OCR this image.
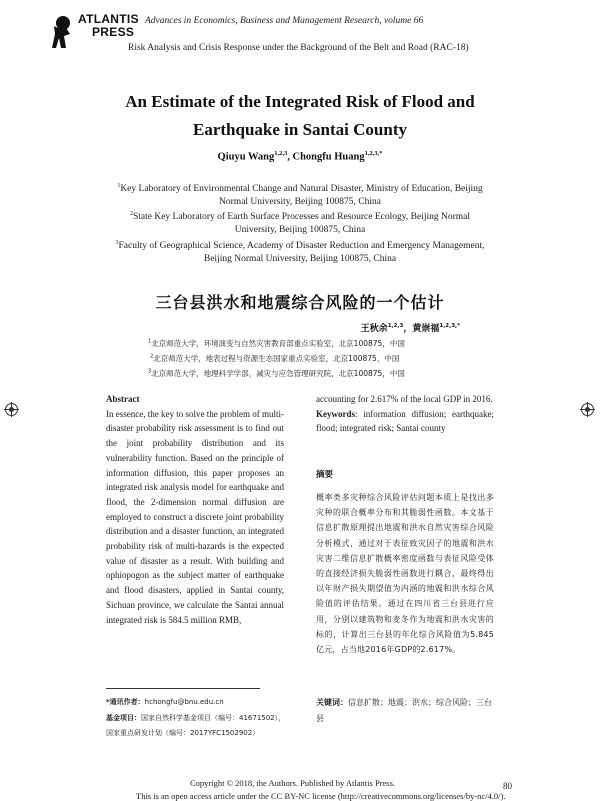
ATLANTIS
PRESS
Advances in Economics, Business and Management Research, volume 66
Risk Analysis and Crisis Response under the Background of the Belt and Road (RAC-18)
An Estimate of the Integrated Risk of Flood and
Earthquake in Santai County
Qiuyu Wang$^{1,2,3}$, Chongfu Huang$^{1,2,3,*}$
$^1$Key Laboratory of Environmental Change and Natural Disaster, Ministry of Education, Beijing
Normal University, Beijing 100875, China
$^2$State Key Laboratory of Earth Surface Processes and Resource Ecology, Beijing Normal
University, Beijing 100875, China
$^3$Faculty of Geographical Science, Academy of Disaster Reduction and Emergency Management,
Beijing Normal University, Beijing 100875, China
三台县洪水和地震综合风险的一个估计
王秋余$^{1,2,3}$，黄崇福$^{1,2,3,*}$
$^1$北京师范大学，环境演变与自然灾害教育部重点实验室，北京100875，中国
$^2$北京师范大学，地表过程与资源生态国家重点实验室，北京100875，中国
$^3$北京师范大学，地理科学学部，减灾与应急管理研究院，北京100875，中国
Abstract
In essence, the key to solve the problem of multi-disaster probability risk assessment is to find out the joint probability distribution and its vulnerability function. Based on the principle of information diffusion, this paper proposes an integrated risk analysis model for earthquake and flood, the 2-dimension normal diffusion are employed to construct a discrete joint probability distribution and a disaster function, an integrated probability risk of multi-hazards is the expected value of disaster as a result. With building and ophiopogon as the subject matter of earthquake and flood disasters, applied in Santai county, Sichuan province, we calculate the Santai annual integrated risk is 584.5 million RMB,
accounting for 2.617% of the local GDP in 2016.
Keywords: information diffusion; earthquake; flood; integrated risk; Santai county
摘要
概率类多灾种综合风险评估问题本质上是找出多灾种的联合概率分布和其脆弱性函数。本文基于信息扩散原理提出地震和洪水自然灾害综合风险分析模式，通过对于表征致灾因子的地震和洪水灾害二维信息扩散概率密度函数与表征风险受体的直接经济损失脆弱性函数进行耦合，最终得出以年财产损失期望值为内涵的地震和洪水综合风险值的评估结果。通过在四川省三台县进行应用，分别以建筑物和麦冬作为地震和洪水灾害的标的，计算出三台县的年化综合风险值为5.845亿元，占当地2016年GDP的2.617%。
关键词：信息扩散；地震；洪水；综合风险；三台县
*通讯作者：hchongfu@bnu.edu.cn
基金项目：国家自然科学基金项目（编号：41671502），
国家重点研发计划（编号：2017YFC1502902）
Copyright © 2018, the Authors. Published by Atlantis Press.
This is an open access article under the CC BY-NC license (http://creativecommons.org/licenses/by-nc/4.0/).
80
